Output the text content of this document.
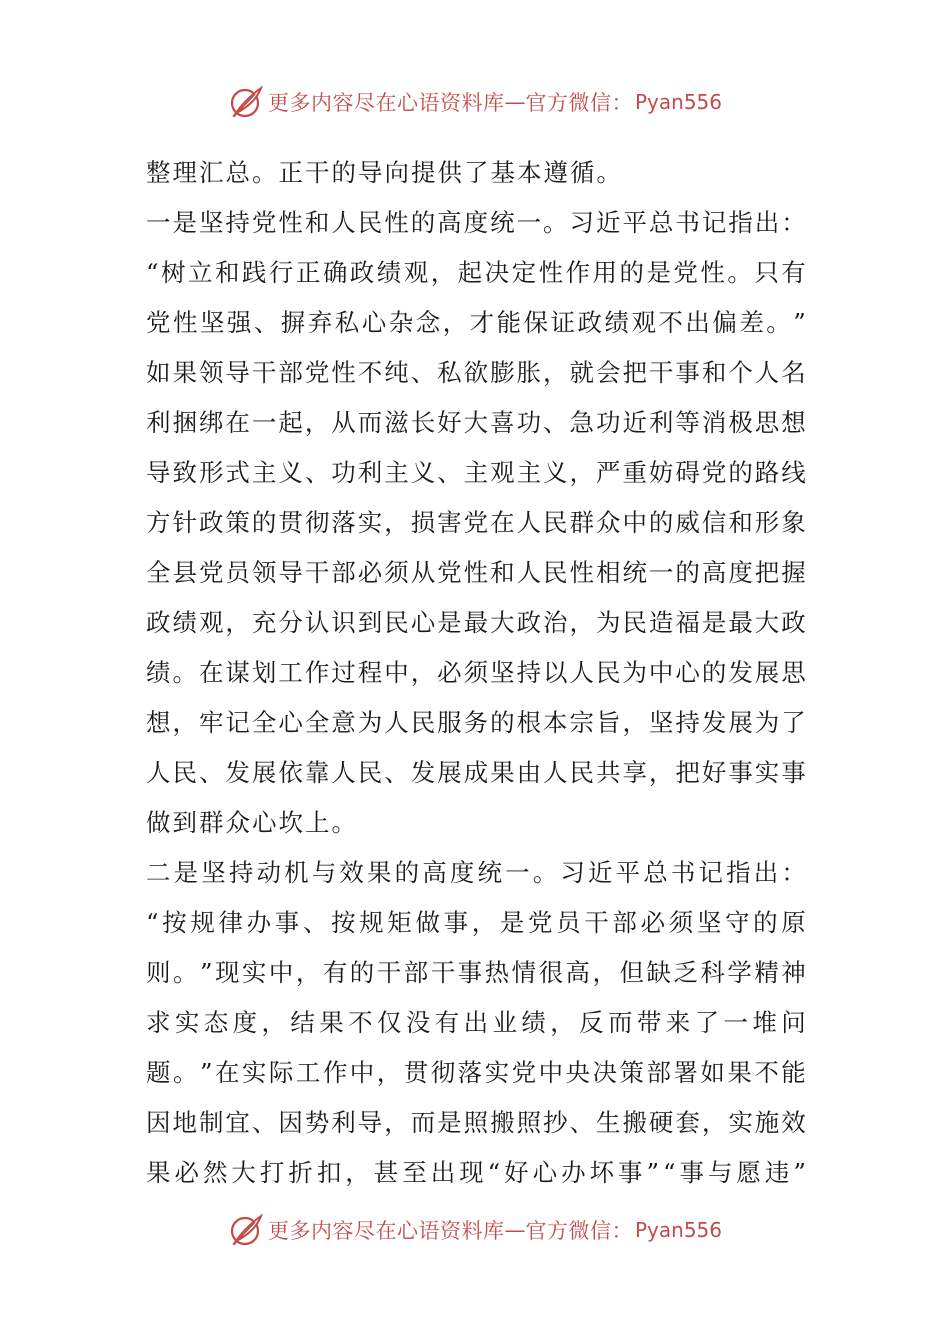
更多内容尽在心语资料库 — 官方微信： Pyan556
整理汇总。正干的导向提供了基本遵循。
一 是 坚 持 党 性 和 人 民 性 的 高 度 统 一 。 习 近 平 总 书 记 指 出 ：
“ 树 立 和 践 行 正 确 政 绩 观 ， 起 决 定 性 作 用 的 是 党 性 。 只 有
党 性 坚 强 、 摒 弃 私 心 杂 念 ， 才 能 保 证 政 绩 观 不 出 偏 差 。 ”
如 果 领 导 干 部 党 性 不 纯 、 私 欲 膨 胀 ， 就 会 把 干 事 和 个 人 名
利 捆 绑 在 一 起 ， 从 而 滋 长 好 大 喜 功 、 急 功 近 利 等 消 极 思 想
导 致 形 式 主 义 、 功 利 主 义 、 主 观 主 义 ， 严 重 妨 碍 党 的 路 线
方 针 政 策 的 贯 彻 落 实 ， 损 害 党 在 人 民 群 众 中 的 威 信 和 形 象
全 县 党 员 领 导 干 部 必 须 从 党 性 和 人 民 性 相 统 一 的 高 度 把 握
政 绩 观 ， 充 分 认 识 到 民 心 是 最 大 政 治 ， 为 民 造 福 是 最 大 政
绩 。 在 谋 划 工 作 过 程 中 ， 必 须 坚 持 以 人 民 为 中 心 的 发 展 思
想 ， 牢 记 全 心 全 意 为 人 民 服 务 的 根 本 宗 旨 ， 坚 持 发 展 为 了
人 民 、 发 展 依 靠 人 民 、 发 展 成 果 由 人 民 共 享 ， 把 好 事 实 事
做到群众心坎上。
二 是 坚 持 动 机 与 效 果 的 高 度 统 一 。 习 近 平 总 书 记 指 出 ：
“ 按 规 律 办 事 、 按 规 矩 做 事 ， 是 党 员 干 部 必 须 坚 守 的 原
则 。 ” 现 实 中 ， 有 的 干 部 干 事 热 情 很 高 ， 但 缺 乏 科 学 精 神
求 实 态 度 ， 结 果 不 仅 没 有 出 业 绩 ， 反 而 带 来 了 一 堆 问
题 。 ” 在 实 际 工 作 中 ， 贯 彻 落 实 党 中 央 决 策 部 署 如 果 不 能
因 地 制 宜 、 因 势 利 导 ， 而 是 照 搬 照 抄 、 生 搬 硬 套 ， 实 施 效
果 必 然 大 打 折 扣 ， 甚 至 出 现 “ 好 心 办 坏 事 ” “ 事 与 愿 违 ”
更多内容尽在心语资料库 — 官方微信： Pyan556
